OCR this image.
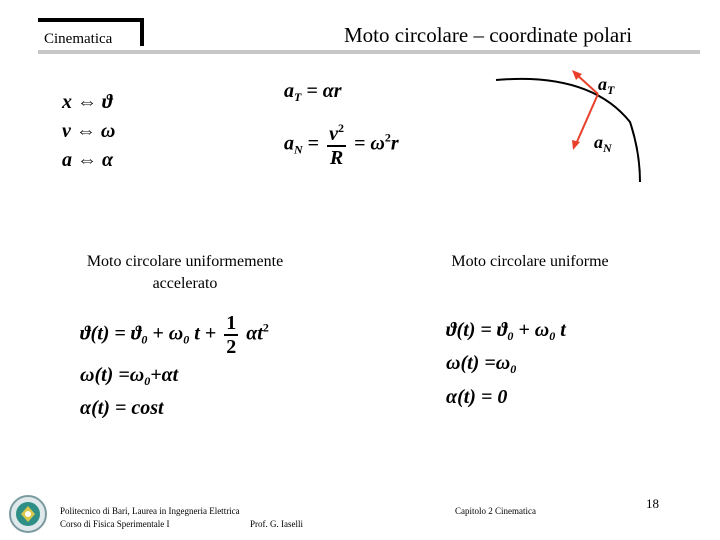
Cinematica	Moto circolare – coordinate polari
x ⇔ ϑ
v ⇔ ω
a ⇔ α
$a_T = \alpha r$
$a_N = \frac{v^2}{R} = \omega^2r$
$a_T$
$a_N$
Moto circolare uniformemente
accelerato
$ϑ(t) = ϑ_0 + \omega_0$ $t + \frac{1}{2} \alpha t^2$
$\omega(t) =\omega_0+\alpha t$
α(t) = cost
Moto circolare uniforme
$ϑ(t) = ϑ_0 + \omega_0$ t
$\omega(t) =\omega_0$
α(t) = 0
Politecnico di Bari, Laurea in Ingegneria Elettrica
Corso di Fisica Sperimentale I	Prof. G. Iaselli
Capitolo 2 Cinematica	18
